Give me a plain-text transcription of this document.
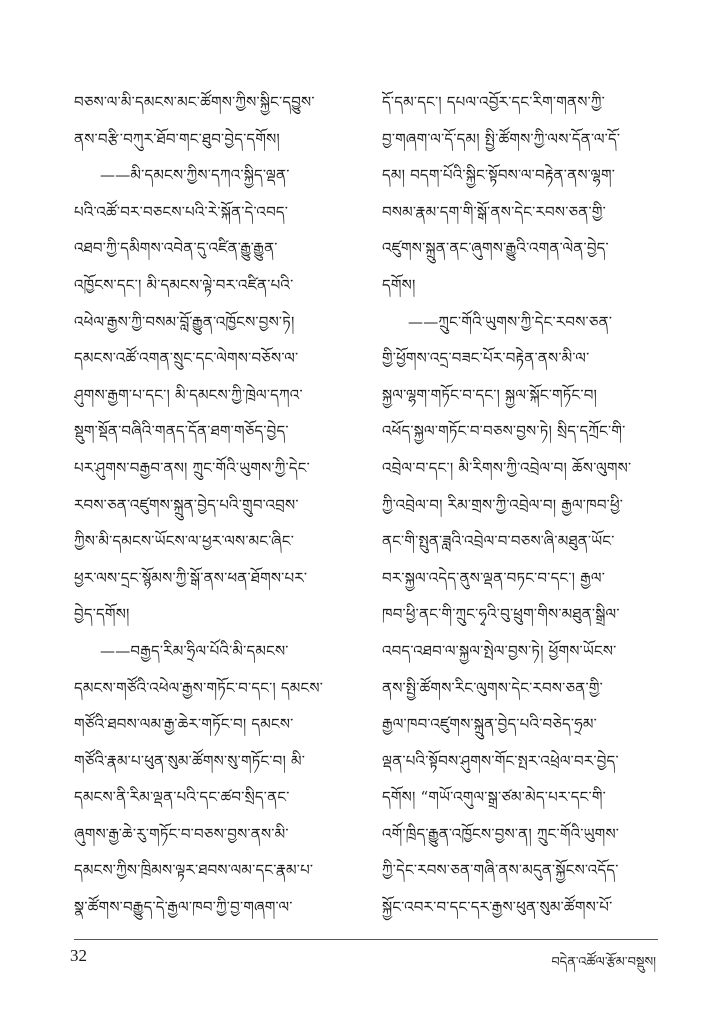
བཅས་ལ་མི་དམངས་མང་ཚོགས་ཀྱིས་སྐྱིང་དབྱུས་
ནས་བརྩི་བཀུར་ཐོབ་གང་ཐུབ་བྱེད་དགོས།
——མི་དམངས་ཀྱིས་དཀའ་སྐྱིད་ལྡན་
པའི་འཚོ་བར་བཅངས་པའི་རེ་སྐོན་དེ་འབད་
འཐབ་ཀྱི་དམིགས་འབེན་དུ་འཛིན་རྒྱུ་རྒྱུན་
འཁྱོངས་དང་། མི་དམངས་ལྟེ་བར་འཛིན་པའི་
འཕེལ་རྒྱས་ཀྱི་བསམ་བློ་རྒྱུན་འཁྱོངས་བྱས་ཏེ།
དམངས་འཚོ་འགན་སྲུང་དང་ལེགས་བཅོས་ལ་
ཤུགས་རྒྱག་པ་དང་། མི་དམངས་ཀྱི་ཁྲེལ་དཀའ་
སྡུག་སྡོན་བཞིའི་གནད་དོན་ཐག་གཅོད་བྱེད་
པར་ཤུགས་བརྒྱབ་ནས། ཀྲུང་གོའི་ཡུགས་ཀྱི་དེང་
རབས་ཅན་འཛུགས་སྐྲུན་བྱེད་པའི་གྲུབ་འབྲས་
ཀྱིས་མི་དམངས་ཡོངས་ལ་ཕྱར་ལས་མང་ཞིང་
ཕྱར་ལས་དྲང་སྙོམས་ཀྱི་སྒོ་ནས་ཕན་ཐོགས་པར་
བྱེད་དགོས།
——བརྒྱད་རིམ་ཧྲིལ་པོའི་མི་དམངས་
དམངས་གཙོའི་འཕེལ་རྒྱས་གཏོང་བ་དང་། དམངས་
གཙོའི་ཐབས་ལམ་རྒྱ་ཆེར་གཏོང་བ། དམངས་
གཙོའི་རྣམ་པ་ཕུན་སུམ་ཚོགས་སུ་གཏོང་བ། མི་
དམངས་ནི་རིམ་ལྡན་པའི་དང་ཚབ་སྲིད་ནང་
ཞུགས་རྒྱ་ཆེ་རུ་གཏོང་བ་བཅས་བྱས་ནས་མི་
དམངས་ཀྱིས་ཁྲིམས་ལྟར་ཐབས་ལམ་དང་རྣམ་པ་
སྣ་ཚོགས་བརྒྱུད་དེ་རྒྱལ་ཁབ་ཀྱི་བྱ་གཞག་ལ་
དོ་དམ་དང་། དཔལ་འབྱོར་དང་རིག་གནས་ཀྱི་
བྱ་གཞག་ལ་དོ་དམ། སྤྱི་ཚོགས་ཀྱི་ལས་དོན་ལ་དོ་
དམ། བདག་པོའི་སྐྱིང་སྟོབས་ལ་བརྟེན་ནས་ལྷག་
བསམ་རྣམ་དག་གི་སྒོ་ནས་དེང་རབས་ཅན་གྱི་
འཛུགས་སྐྲུན་ནང་ཞུགས་རྒྱུའི་འགན་ལེན་བྱེད་
དགོས།
——ཀྲུང་གོའི་ཡུགས་ཀྱི་དེང་རབས་ཅན་
གྱི་ཕྱོགས་འདྲ་བཟང་པོར་བརྟེན་ནས་མི་ལ་
སྐྱལ་ལྷག་གཏོང་བ་དང་། སྐྱལ་སྐོང་གཏོང་བ།
འཕོད་སྐྱལ་གཏོང་བ་བཅས་བྱས་ཏེ། སྲིད་དཀྲོང་གི་
འབྲེལ་བ་དང་། མི་རིགས་ཀྱི་འབྲེལ་བ། ཆོས་ལུགས་
ཀྱི་འབྲེལ་བ། རིམ་གྲས་ཀྱི་འབྲེལ་བ། རྒྱལ་ཁབ་ཕྱི་
ནང་གི་སྤུན་ཟླའི་འབྲེལ་བ་བཅས་ཞི་མཐུན་ཡོང་
བར་སྐྱལ་འདེད་ནུས་ལྡན་བཏང་བ་དང་། རྒྱལ་
ཁབ་ཕྱི་ནང་གི་ཀྲུང་ཧྭའི་བུ་ཕྲུག་གིས་མཐུན་སྒྲིལ་
འབད་འཐབ་ལ་སྐྱལ་སྤེལ་བྱས་ཏེ། ཕྱོགས་ཡོངས་
ནས་སྤྱི་ཚོགས་རིང་ལུགས་དེང་རབས་ཅན་གྱི་
རྒྱལ་ཁབ་འཛུགས་སྐྲུན་བྱེད་པའི་བཅེད་ཧྲམ་
ལྡན་པའི་སྟོབས་ཤུགས་གོང་སྤར་འཕྲེལ་བར་བྱེད་
དགོས། “གཡོ་འགུལ་སྒྲ་ཙམ་མེད་པར་དང་གི་
འགོ་ཁྲིད་རྒྱུན་འཁྱོངས་བྱས་ན། ཀྲུང་གོའི་ཡུགས་
ཀྱི་དེང་རབས་ཅན་གཞི་ནས་མདུན་སྐྱོངས་འདོད་
སྐྱོང་འབར་བ་དང་དར་རྒྱས་ཕུན་སུམ་ཚོགས་པོ་
32	བདེན་འཚོལ་རྩོམ་བསྡུས།
